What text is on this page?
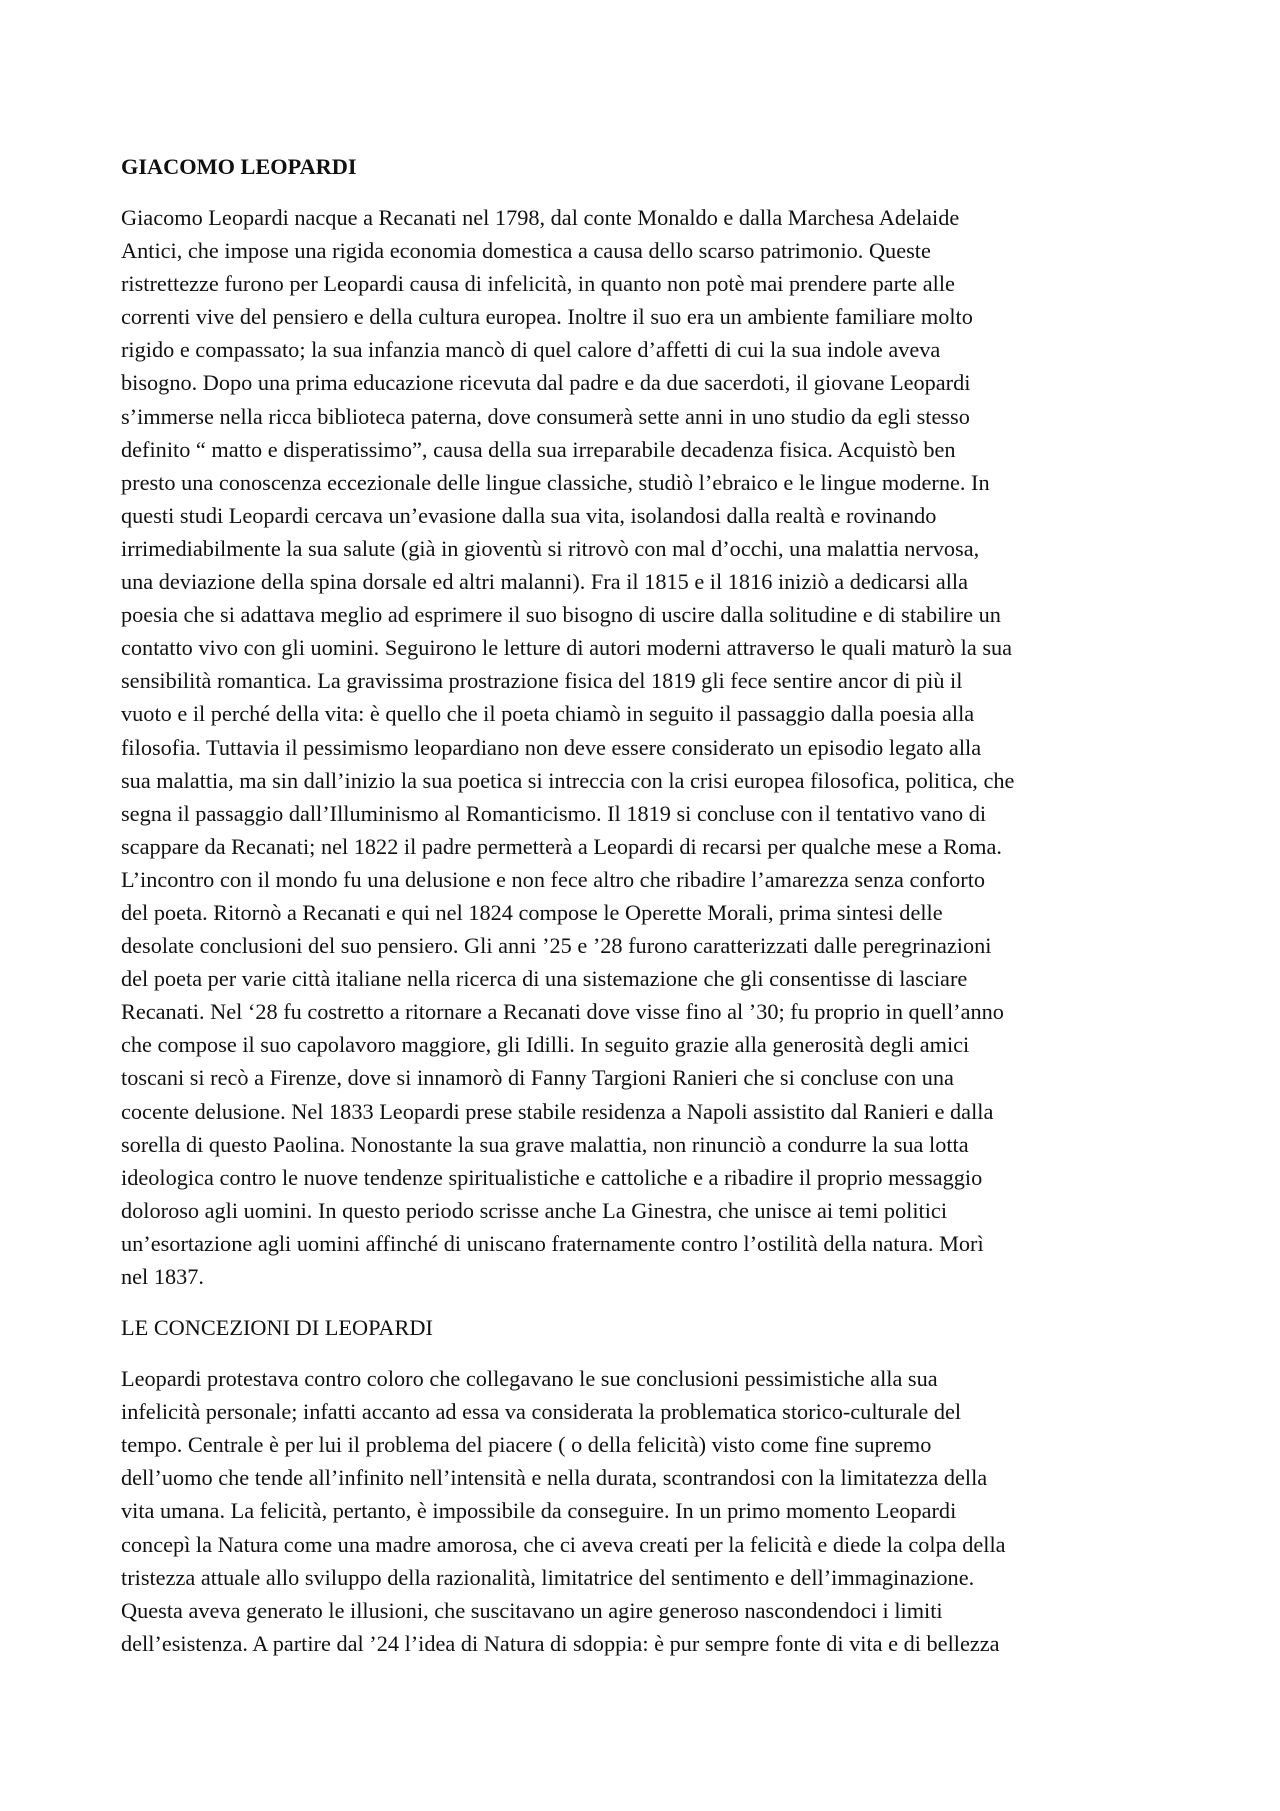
GIACOMO LEOPARDI

Giacomo Leopardi nacque a Recanati nel 1798, dal conte Monaldo e dalla Marchesa Adelaide
Antici, che impose una rigida economia domestica a causa dello scarso patrimonio. Queste
ristrettezze furono per Leopardi causa di infelicità, in quanto non potè mai prendere parte alle
correnti vive del pensiero e della cultura europea. Inoltre il suo era un ambiente familiare molto
rigido e compassato; la sua infanzia mancò di quel calore d’affetti di cui la sua indole aveva
bisogno. Dopo una prima educazione ricevuta dal padre e da due sacerdoti, il giovane Leopardi
s’immerse nella ricca biblioteca paterna, dove consumerà sette anni in uno studio da egli stesso
definito “ matto e disperatissimo”, causa della sua irreparabile decadenza fisica. Acquistò ben
presto una conoscenza eccezionale delle lingue classiche, studiò l’ebraico e le lingue moderne. In
questi studi Leopardi cercava un’evasione dalla sua vita, isolandosi dalla realtà e rovinando
irrimediabilmente la sua salute (già in gioventù si ritrovò con mal d’occhi, una malattia nervosa,
una deviazione della spina dorsale ed altri malanni). Fra il 1815 e il 1816 iniziò a dedicarsi alla
poesia che si adattava meglio ad esprimere il suo bisogno di uscire dalla solitudine e di stabilire un
contatto vivo con gli uomini. Seguirono le letture di autori moderni attraverso le quali maturò la sua
sensibilità romantica. La gravissima prostrazione fisica del 1819 gli fece sentire ancor di più il
vuoto e il perché della vita: è quello che il poeta chiamò in seguito il passaggio dalla poesia alla
filosofia. Tuttavia il pessimismo leopardiano non deve essere considerato un episodio legato alla
sua malattia, ma sin dall’inizio la sua poetica si intreccia con la crisi europea filosofica, politica, che
segna il passaggio dall’Illuminismo al Romanticismo. Il 1819 si concluse con il tentativo vano di
scappare da Recanati; nel 1822 il padre permetterà a Leopardi di recarsi per qualche mese a Roma.
L’incontro con il mondo fu una delusione e non fece altro che ribadire l’amarezza senza conforto
del poeta. Ritornò a Recanati e qui nel 1824 compose le Operette Morali, prima sintesi delle
desolate conclusioni del suo pensiero. Gli anni ’25 e ’28 furono caratterizzati dalle peregrinazioni
del poeta per varie città italiane nella ricerca di una sistemazione che gli consentisse di lasciare
Recanati. Nel ‘28 fu costretto a ritornare a Recanati dove visse fino al ’30; fu proprio in quell’anno
che compose il suo capolavoro maggiore, gli Idilli. In seguito grazie alla generosità degli amici
toscani si recò a Firenze, dove si innamorò di Fanny Targioni Ranieri che si concluse con una
cocente delusione. Nel 1833 Leopardi prese stabile residenza a Napoli assistito dal Ranieri e dalla
sorella di questo Paolina. Nonostante la sua grave malattia, non rinunciò a condurre la sua lotta
ideologica contro le nuove tendenze spiritualistiche e cattoliche e a ribadire il proprio messaggio
doloroso agli uomini. In questo periodo scrisse anche La Ginestra, che unisce ai temi politici
un’esortazione agli uomini affinché di uniscano fraternamente contro l’ostilità della natura. Morì
nel 1837.

LE CONCEZIONI DI LEOPARDI

Leopardi protestava contro coloro che collegavano le sue conclusioni pessimistiche alla sua
infelicità personale; infatti accanto ad essa va considerata la problematica storico-culturale del
tempo. Centrale è per lui il problema del piacere ( o della felicità) visto come fine supremo
dell’uomo che tende all’infinito nell’intensità e nella durata, scontrandosi con la limitatezza della
vita umana. La felicità, pertanto, è impossibile da conseguire. In un primo momento Leopardi
concepì la Natura come una madre amorosa, che ci aveva creati per la felicità e diede la colpa della
tristezza attuale allo sviluppo della razionalità, limitatrice del sentimento e dell’immaginazione.
Questa aveva generato le illusioni, che suscitavano un agire generoso nascondendoci i limiti
dell’esistenza. A partire dal ’24 l’idea di Natura di sdoppia: è pur sempre fonte di vita e di bellezza
